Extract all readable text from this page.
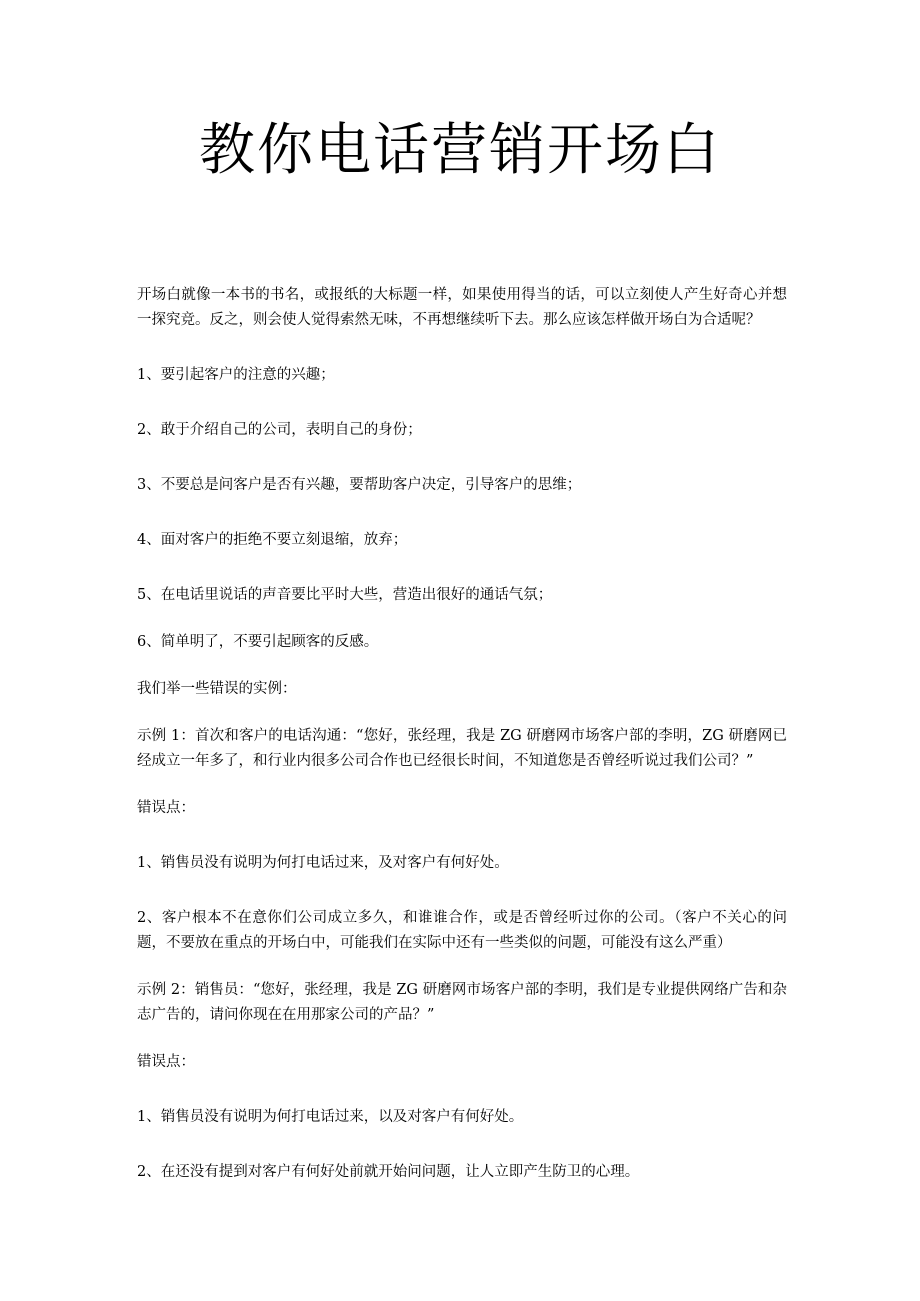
教你电话营销开场白

开场白就像一本书的书名，或报纸的大标题一样，如果使用得当的话，可以立刻使人产生好奇心并想一探究竞。反之，则会使人觉得索然无味，不再想继续听下去。那么应该怎样做开场白为合适呢？

1、要引起客户的注意的兴趣；

2、敢于介绍自己的公司，表明自己的身份；

3、不要总是问客户是否有兴趣，要帮助客户决定，引导客户的思维；

4、面对客户的拒绝不要立刻退缩，放弃；

5、在电话里说话的声音要比平时大些，营造出很好的通话气氛；

6、简单明了，不要引起顾客的反感。

我们举一些错误的实例：

示例 1：首次和客户的电话沟通：“您好，张经理，我是 ZG 研磨网市场客户部的李明，ZG 研磨网已经成立一年多了，和行业内很多公司合作也已经很长时间，不知道您是否曾经听说过我们公司？”

错误点：

1、销售员没有说明为何打电话过来，及对客户有何好处。

2、客户根本不在意你们公司成立多久，和谁谁合作，或是否曾经听过你的公司。（客户不关心的问题，不要放在重点的开场白中，可能我们在实际中还有一些类似的问题，可能没有这么严重）

示例 2：销售员：“您好，张经理，我是 ZG 研磨网市场客户部的李明，我们是专业提供网络广告和杂志广告的，请问你现在在用那家公司的产品？”

错误点：

1、销售员没有说明为何打电话过来，以及对客户有何好处。

2、在还没有提到对客户有何好处前就开始问问题，让人立即产生防卫的心理。
